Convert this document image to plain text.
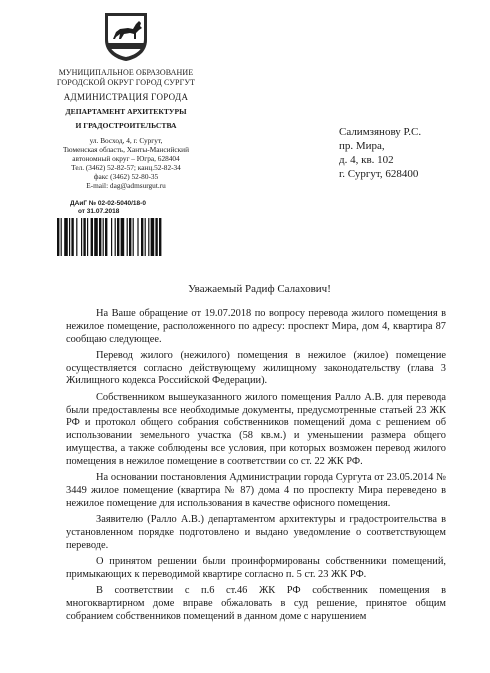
МУНИЦИПАЛЬНОЕ ОБРАЗОВАНИЕ
ГОРОДСКОЙ ОКРУГ ГОРОД СУРГУТ
АДМИНИСТРАЦИЯ ГОРОДА
ДЕПАРТАМЕНТ АРХИТЕКТУРЫ
И ГРАДОСТРОИТЕЛЬСТВА
ул. Восход, 4, г. Сургут,
Тюменская область, Ханты-Мансийский
автономный округ – Югра, 628404
Тел. (3462) 52-82-57; канц.52-82-34
факс (3462) 52-80-35
E-mail: dag@admsurgut.ru
ДАиГ № 02-02-5040/18-0
от 31.07.2018
Салимзянову Р.С.
пр. Мира,
д. 4, кв. 102
г. Сургут, 628400
Уважаемый Радиф Салахович!

На Ваше обращение от 19.07.2018 по вопросу перевода жилого помещения в нежилое помещение, расположенного по адресу: проспект Мира, дом 4, квартира 87 сообщаю следующее.

Перевод жилого (нежилого) помещения в нежилое (жилое) помещение осуществляется согласно действующему жилищному законодательству (глава 3 Жилищного кодекса Российской Федерации).

Собственником вышеуказанного жилого помещения Ралло А.В. для перевода были предоставлены все необходимые документы, предусмотренные статьей 23 ЖК РФ и протокол общего собрания собственников помещений дома с решением об использовании земельного участка (58 кв.м.) и уменьшении размера общего имущества, а также соблюдены все условия, при которых возможен перевод жилого помещения в нежилое помещение в соответствии со ст. 22 ЖК РФ.

На основании постановления Администрации города Сургута от 23.05.2014 № 3449 жилое помещение (квартира № 87) дома 4 по проспекту Мира переведено в нежилое помещение для использования в качестве офисного помещения.

Заявителю (Ралло А.В.) департаментом архитектуры и градостроительства в установленном порядке подготовлено и выдано уведомление о соответствующем переводе.

О принятом решении были проинформированы собственники помещений, примыкающих к переводимой квартире согласно п. 5 ст. 23 ЖК РФ.

В соответствии с п.6 ст.46 ЖК РФ собственник помещения в многоквартирном доме вправе обжаловать в суд решение, принятое общим собранием собственников помещений в данном доме с нарушением
